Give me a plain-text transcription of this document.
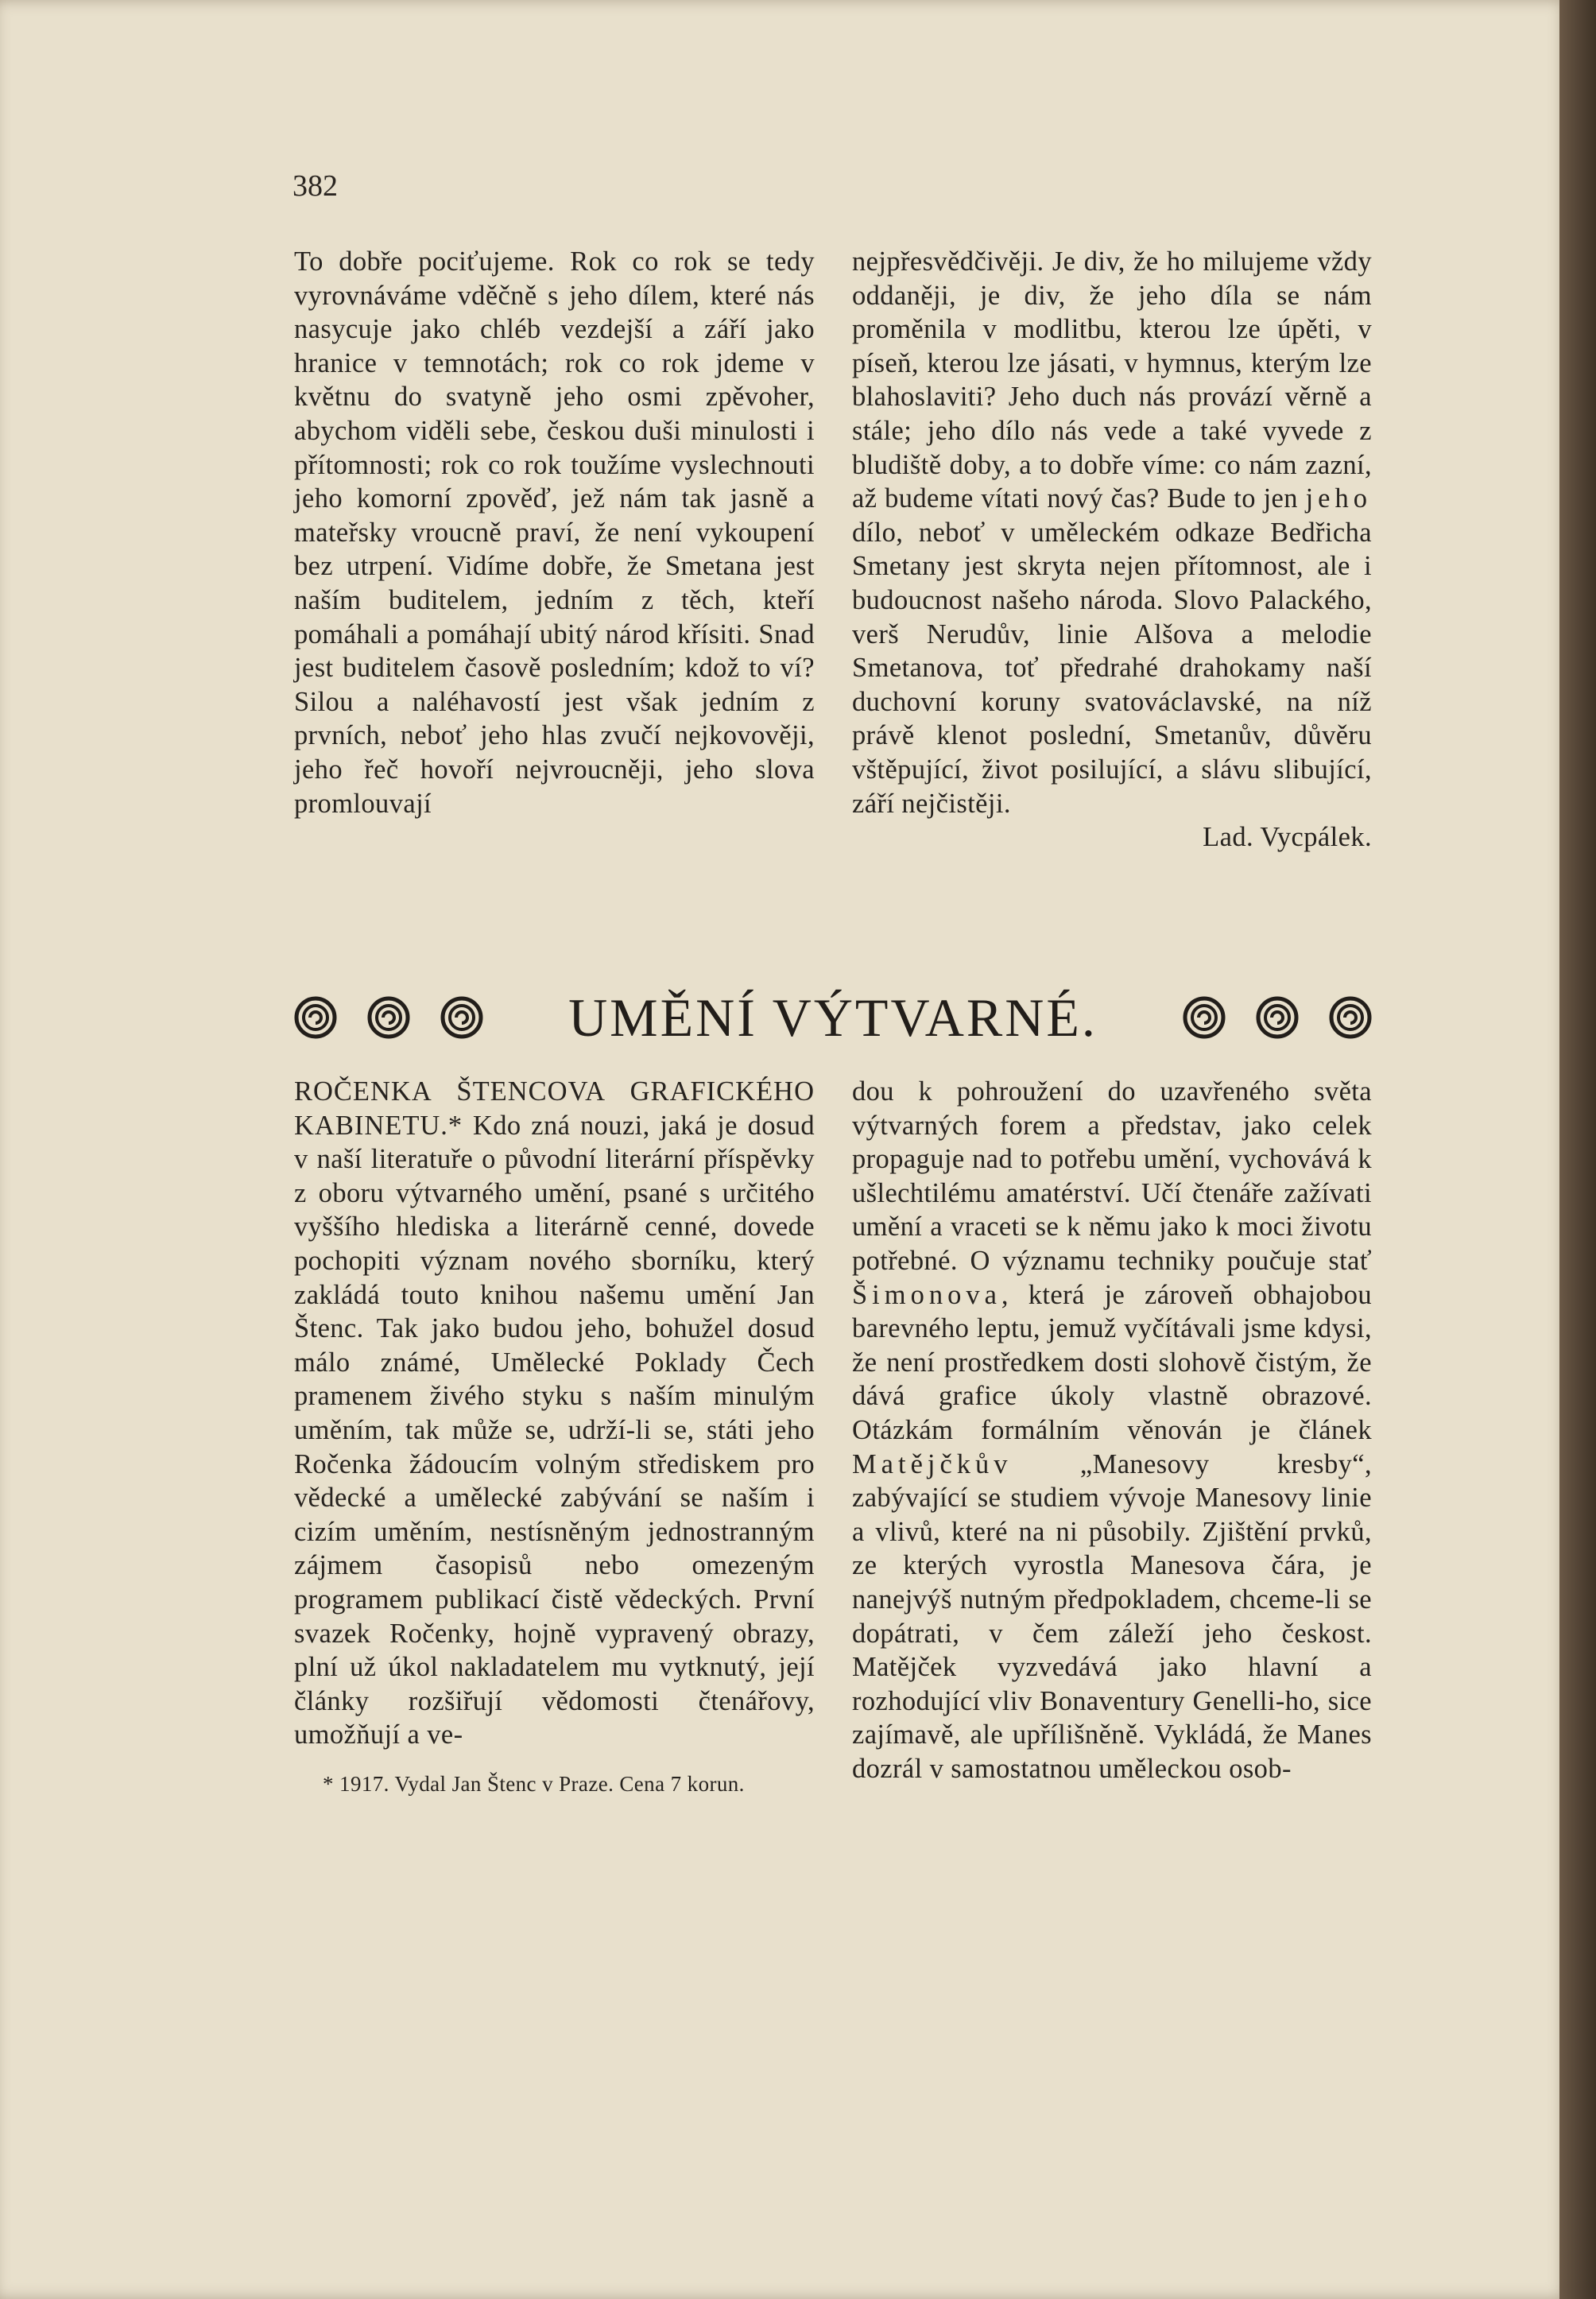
382

To dobře pociťujeme. Rok co rok se tedy vyrovnáváme vděčně s jeho dílem, které nás nasycuje jako chléb vezdejší a září jako hranice v temnotách; rok co rok jdeme v květnu do svatyně jeho osmi zpěvoher, abychom viděli sebe, českou duši minulosti i přítomnosti; rok co rok toužíme vyslechnouti jeho komorní zpověď, jež nám tak jasně a mateřsky vroucně praví, že není vykoupení bez utrpení. Vidíme dobře, že Smetana jest naším buditelem, jedním z těch, kteří pomáhali a pomáhají ubitý národ křísiti. Snad jest buditelem časově posledním; kdož to ví? Silou a naléhavostí jest však jedním z prvních, neboť jeho hlas zvučí nejkovověji, jeho řeč hovoří nejvroucněji, jeho slova promlouvají

nejpřesvědčivěji. Je div, že ho milujeme vždy oddaněji, je div, že jeho díla se nám proměnila v modlitbu, kterou lze úpěti, v píseň, kterou lze jásati, v hymnus, kterým lze blahoslaviti? Jeho duch nás provází věrně a stále; jeho dílo nás vede a také vyvede z bludiště doby, a to dobře víme: co nám zazní, až budeme vítati nový čas? Bude to jen jeho dílo, neboť v uměleckém odkaze Bedřicha Smetany jest skryta nejen přítomnost, ale i budoucnost našeho národa. Slovo Palackého, verš Nerudův, linie Alšova a melodie Smetanova, toť předrahé drahokamy naší duchovní koruny svatováclavské, na níž právě klenot poslední, Smetanův, důvěru vštěpující, život posilující, a slávu slibující, září nejčistěji.

Lad. Vycpálek.

UMĚNÍ VÝTVARNÉ.

ROČENKA ŠTENCOVA GRAFICKÉHO KABINETU.* Kdo zná nouzi, jaká je dosud v naší literatuře o původní literární příspěvky z oboru výtvarného umění, psané s určitého vyššího hlediska a literárně cenné, dovede pochopiti význam nového sborníku, který zakládá touto knihou našemu umění Jan Štenc. Tak jako budou jeho, bohužel dosud málo známé, Umělecké Poklady Čech pramenem živého styku s naším minulým uměním, tak může se, udrží-li se, státi jeho Ročenka žádoucím volným střediskem pro vědecké a umělecké zabývání se naším i cizím uměním, nestísněným jednostranným zájmem časopisů nebo omezeným programem publikací čistě vědeckých. První svazek Ročenky, hojně vypravený obrazy, plní už úkol nakladatelem mu vytknutý, její články rozšiřují vědomosti čtenářovy, umožňují a ve-

* 1917. Vydal Jan Štenc v Praze. Cena 7 korun.

dou k pohroužení do uzavřeného světa výtvarných forem a představ, jako celek propaguje nad to potřebu umění, vychovává k ušlechtilému amatérství. Učí čtenáře zažívati umění a vraceti se k němu jako k moci životu potřebné. O významu techniky poučuje stať Šimonova, která je zároveň obhajobou barevného leptu, jemuž vyčítávali jsme kdysi, že není prostředkem dosti slohově čistým, že dává grafice úkoly vlastně obrazové. Otázkám formálním věnován je článek Matějčkův „Manesovy kresby“, zabývající se studiem vývoje Manesovy linie a vlivů, které na ni působily. Zjištění prvků, ze kterých vyrostla Manesova čára, je nanejvýš nutným předpokladem, chceme-li se dopátrati, v čem záleží jeho českost. Matějček vyzvedává jako hlavní a rozhodující vliv Bonaventury Genelli-ho, sice zajímavě, ale upřílišněně. Vykládá, že Manes dozrál v samostatnou uměleckou osob-
